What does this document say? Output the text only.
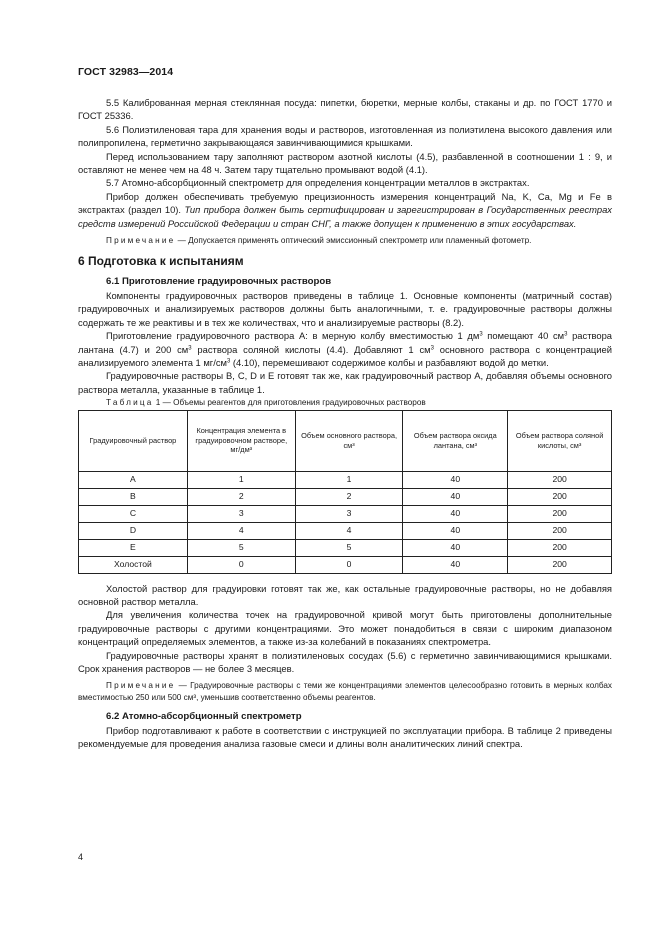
ГОСТ 32983—2014

5.5 Калиброванная мерная стеклянная посуда: пипетки, бюретки, мерные колбы, стаканы и др. по ГОСТ 1770 и ГОСТ 25336.

5.6 Полиэтиленовая тара для хранения воды и растворов, изготовленная из полиэтилена высокого давления или полипропилена, герметично закрывающаяся завинчивающимися крышками.

Перед использованием тару заполняют раствором азотной кислоты (4.5), разбавленной в соотношении 1 : 9, и оставляют не менее чем на 48 ч. Затем тару тщательно промывают водой (4.1).

5.7 Атомно-абсорбционный спектрометр для определения концентрации металлов в экстрактах.

Прибор должен обеспечивать требуемую прецизионность измерения концентраций Na, K, Ca, Mg и Fe в экстрактах (раздел 10). Тип прибора должен быть сертифицирован и зарегистрирован в Государственных реестрах средств измерений Российской Федерации и стран СНГ, а также допущен к применению в этих государствах.

Примечание — Допускается применять оптический эмиссионный спектрометр или пламенный фотометр.

6 Подготовка к испытаниям
6.1 Приготовление градуировочных растворов

Компоненты градуировочных растворов приведены в таблице 1. Основные компоненты (матричный состав) градуировочных и анализируемых растворов должны быть аналогичными, т. е. градуировочные растворы должны содержать те же реактивы и в тех же количествах, что и анализируемые растворы (8.2).

Приготовление градуировочного раствора A: в мерную колбу вместимостью 1 $дм^3$ помещают 40 $см^3$ раствора лантана (4.7) и 200 $см^3$ раствора соляной кислоты (4.4). Добавляют 1 $см^3$ основного раствора с концентрацией анализируемого элемента 1 $мг/см^3$ (4.10), перемешивают содержимое колбы и разбавляют водой до метки.

Градуировочные растворы B, C, D и E готовят так же, как градуировочный раствор A, добавляя объемы основного раствора металла, указанные в таблице 1.

Таблица 1 — Объемы реагентов для приготовления градуировочных растворов

Градуировочный раствор	Концентрация элемента в градуировочном растворе, мг/дм³	Объем основного раствора, см³	Объем раствора оксида лантана, см³	Объем раствора соляной кислоты, см³
A	1	1	40	200
B	2	2	40	200
C	3	3	40	200
D	4	4	40	200
E	5	5	40	200
Холостой	0	0	40	200

Холостой раствор для градуировки готовят так же, как остальные градуировочные растворы, но не добавляя основной раствор металла.

Для увеличения количества точек на градуировочной кривой могут быть приготовлены дополнительные градуировочные растворы с другими концентрациями. Это может понадобиться в связи с широким диапазоном концентраций определяемых элементов, а также из-за колебаний в показаниях спектрометра.

Градуировочные растворы хранят в полиэтиленовых сосудах (5.6) с герметично завинчивающимися крышками. Срок хранения растворов — не более 3 месяцев.

Примечание — Градуировочные растворы с теми же концентрациями элементов целесообразно готовить в мерных колбах вместимостью 250 или 500 см³, уменьшив соответственно объемы реагентов.

6.2 Атомно-абсорбционный спектрометр

Прибор подготавливают к работе в соответствии с инструкцией по эксплуатации прибора. В таблице 2 приведены рекомендуемые для проведения анализа газовые смеси и длины волн аналитических линий спектра.

4
